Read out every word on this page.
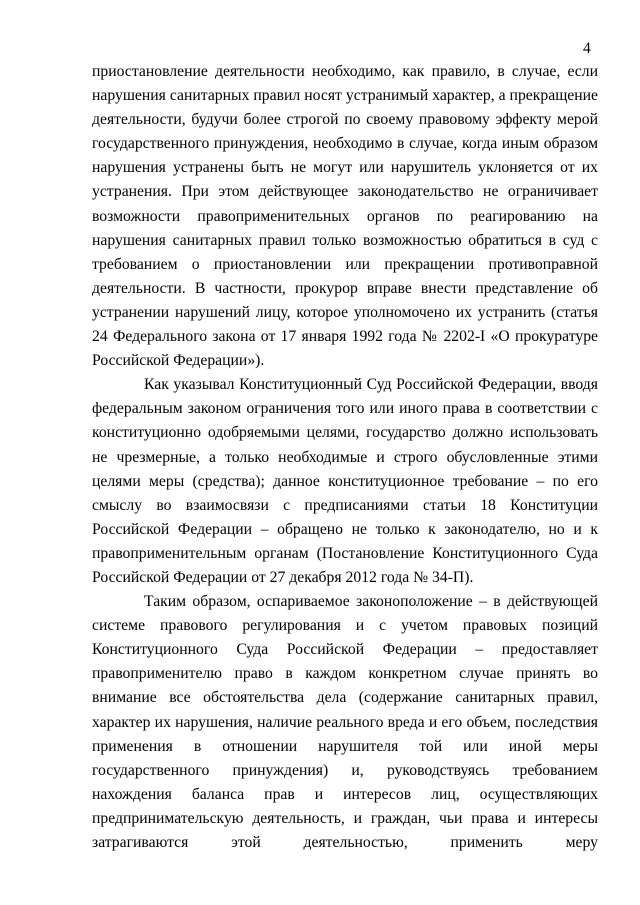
4

приостановление деятельности необходимо, как правило, в случае, если нарушения санитарных правил носят устранимый характер, а прекращение деятельности, будучи более строгой по своему правовому эффекту мерой государственного принуждения, необходимо в случае, когда иным образом нарушения устранены быть не могут или нарушитель уклоняется от их устранения. При этом действующее законодательство не ограничивает возможности правоприменительных органов по реагированию на нарушения санитарных правил только возможностью обратиться в суд с требованием о приостановлении или прекращении противоправной деятельности. В частности, прокурор вправе внести представление об устранении нарушений лицу, которое уполномочено их устранить (статья 24 Федерального закона от 17 января 1992 года № 2202-I «О прокуратуре Российской Федерации»).

Как указывал Конституционный Суд Российской Федерации, вводя федеральным законом ограничения того или иного права в соответствии с конституционно одобряемыми целями, государство должно использовать не чрезмерные, а только необходимые и строго обусловленные этими целями меры (средства); данное конституционное требование – по его смыслу во взаимосвязи с предписаниями статьи 18 Конституции Российской Федерации – обращено не только к законодателю, но и к правоприменительным органам (Постановление Конституционного Суда Российской Федерации от 27 декабря 2012 года № 34-П).

Таким образом, оспариваемое законоположение – в действующей системе правового регулирования и с учетом правовых позиций Конституционного Суда Российской Федерации – предоставляет правоприменителю право в каждом конкретном случае принять во внимание все обстоятельства дела (содержание санитарных правил, характер их нарушения, наличие реального вреда и его объем, последствия применения в отношении нарушителя той или иной меры государственного принуждения) и, руководствуясь требованием нахождения баланса прав и интересов лиц, осуществляющих предпринимательскую деятельность, и граждан, чьи права и интересы затрагиваются этой деятельностью, применить меру
